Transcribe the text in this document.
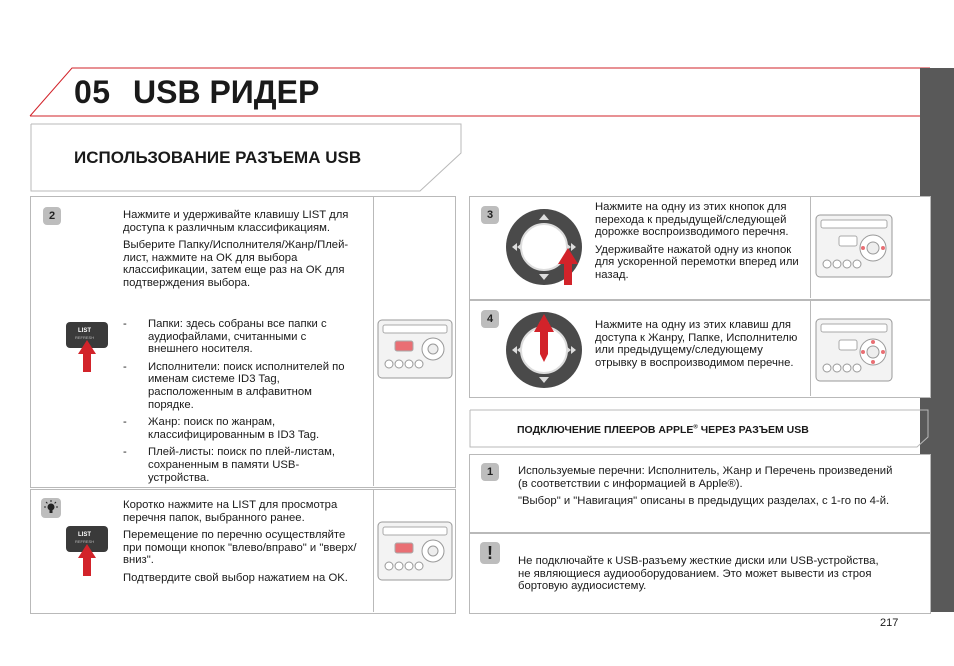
05 USB РИДЕР
ИСПОЛЬЗОВАНИЕ РАЗЪЕМА USB
2	Нажмите и удерживайте клавишу LIST для доступа к различным классификациям.

Выберите Папку/Исполнителя/Жанр/Плей-лист, нажмите на OK для выбора классификации, затем еще раз на OK для подтверждения выбора.

LIST
REFRESH
- Папки: здесь собраны все папки с аудиофайлами, считанными с внешнего носителя.
- Исполнители: поиск исполнителей по именам системе ID3 Tag, расположенным в алфавитном порядке.
- Жанр: поиск по жанрам, классифицированным в ID3 Tag.
- Плей-листы: поиск по плей-листам, сохраненным в памяти USB-устройства.

Коротко нажмите на LIST для просмотра перечня папок, выбранного ранее.

Перемещение по перечню осуществляйте при помощи кнопок "влево/вправо" и "вверх/вниз".

Подтвердите свой выбор нажатием на OK.

LIST
REFRESH
3

Нажмите на одну из этих кнопок для перехода к предыдущей/следующей дорожке воспроизводимого перечня.

Удерживайте нажатой одну из кнопок для ускоренной перемотки вперед или назад.

4	Нажмите на одну из этих клавиш для доступа к Жанру, Папке, Исполнителю или предыдущему/следующему отрывку в воспроизводимом перечне.

ПОДКЛЮЧЕНИЕ ПЛЕЕРОВ APPLE® ЧЕРЕЗ РАЗЪЕМ USB
1	Используемые перечни: Исполнитель, Жанр и Перечень произведений (в соответствии с информацией в Apple®).

"Выбор" и "Навигация" описаны в предыдущих разделах, с 1-го по 4-й.

!	Не подключайте к USB-разъему жесткие диски или USB-устройства, не являющиеся аудиооборудованием. Это может вывести из строя бортовую аудиосистему.

217
